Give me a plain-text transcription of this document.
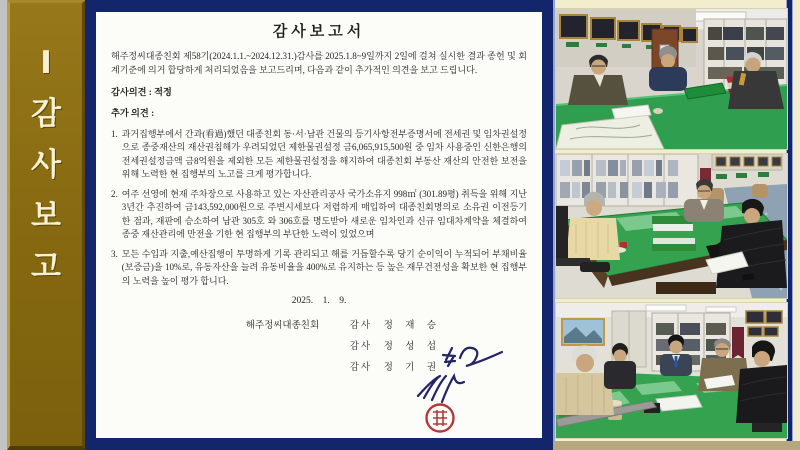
Ⅰ
감
사
보
고
감사보고서

해주정씨대종친회 제58기(2024.1.1.~2024.12.31.)감사를 2025.1.8~9일까지 2일에 걸쳐 실시한 결과 종헌 및 회계기준에 의거 합당하게 처리되었음을 보고드리며, 다음과 같이 추가적인 의견을 보고 드립니다.

감사의견 : 적정
추가 의견 :
1. 과거집행부에서 간과(看過)했던 대종친회 동·서·남관 건물의 등기사항전부증명서에 전세권 및 임차권설정으로 종중재산의 재산권침해가 우려되었던 제한물권설정 금6,065,915,500원 중 임차 사용중인 신한은행의 전세권설정금액 금8억원을 제외한 모든 제한물권설정을 해지하여 대종친회 부동산 재산의 안전한 보전을 위해 노력한 현 집행부의 노고를 크게 평가합니다.
2. 여주 선영에 현재 주차장으로 사용하고 있는 자산관리공사 국가소유지 998㎡ (301.89평) 취득을 위해 지난 3년간 추진하여 금143,592,000원으로 주변시세보다 저렴하게 매입하여 대종친회명의로 소유권 이전등기한 점과, 재판에 승소하여 남관 305호 와 306호를 명도받아 새로운 임차인과 신규 임대차계약을 체결하여 종중 재산관리에 만전을 기한 현 집행부의 부단한 노력이 있었으며
3. 모든 수입과 지출,예산집행이 투명하게 기록 관리되고 해를 거듭할수록 당기 순이익이 누적되어 부채비율(보증금)을 10%로, 유동자산을 늘려 유동비율을 400%로 유지하는 등 높은 재무건전성을 확보한 현 집행부의 노력을 높이 평가 합니다.
2025.    1.    9.
해주정씨대종친회	감사	정 재 승
감사	정 성 섭
감사	정 기 권
